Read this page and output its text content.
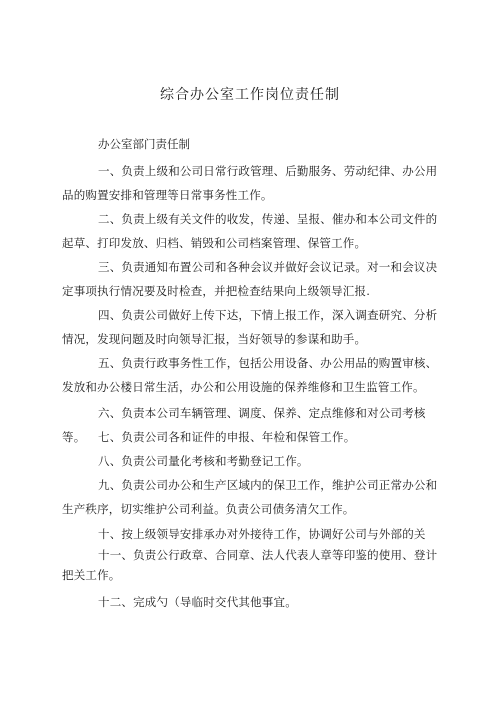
综合办公室工作岗位责任制
办公室部门责任制

一、负责上级和公司日常行政管理、后勤服务、劳动纪律、办公用品的购置安排和管理等日常事务性工作。

二、负责上级有关文件的收发，传递、呈报、催办和本公司文件的起草、打印发放、归档、销毁和公司档案管理、保管工作。

三、负责通知布置公司和各种会议并做好会议记录。对一和会议决定事项执行情况要及时检查，并把检查结果向上级领导汇报.

四、负责公司做好上传下达，下情上报工作，深入调查研究、分析情况，发现问题及时向领导汇报，当好领导的参谋和助手。

五、负责行政事务性工作，包括公用设备、办公用品的购置审核、发放和办公楼日常生活，办公和公用设施的保养维修和卫生监管工作。

六、负责本公司车辆管理、调度、保养、定点维修和对公司考核等。	七、负责公司各和证件的申报、年检和保管工作。

八、负责公司量化考核和考勤登记工作。

九、负责公司办公和生产区域内的保卫工作，维护公司正常办公和生产秩序，切实维护公司利益。负责公司债务清欠工作。

十、按上级领导安排承办对外接待工作，协调好公司与外部的关

十一、负责公行政章、合同章、法人代表人章等印鉴的使用、登计把关工作。

十二、完成勺（导临时交代其他事宜。
